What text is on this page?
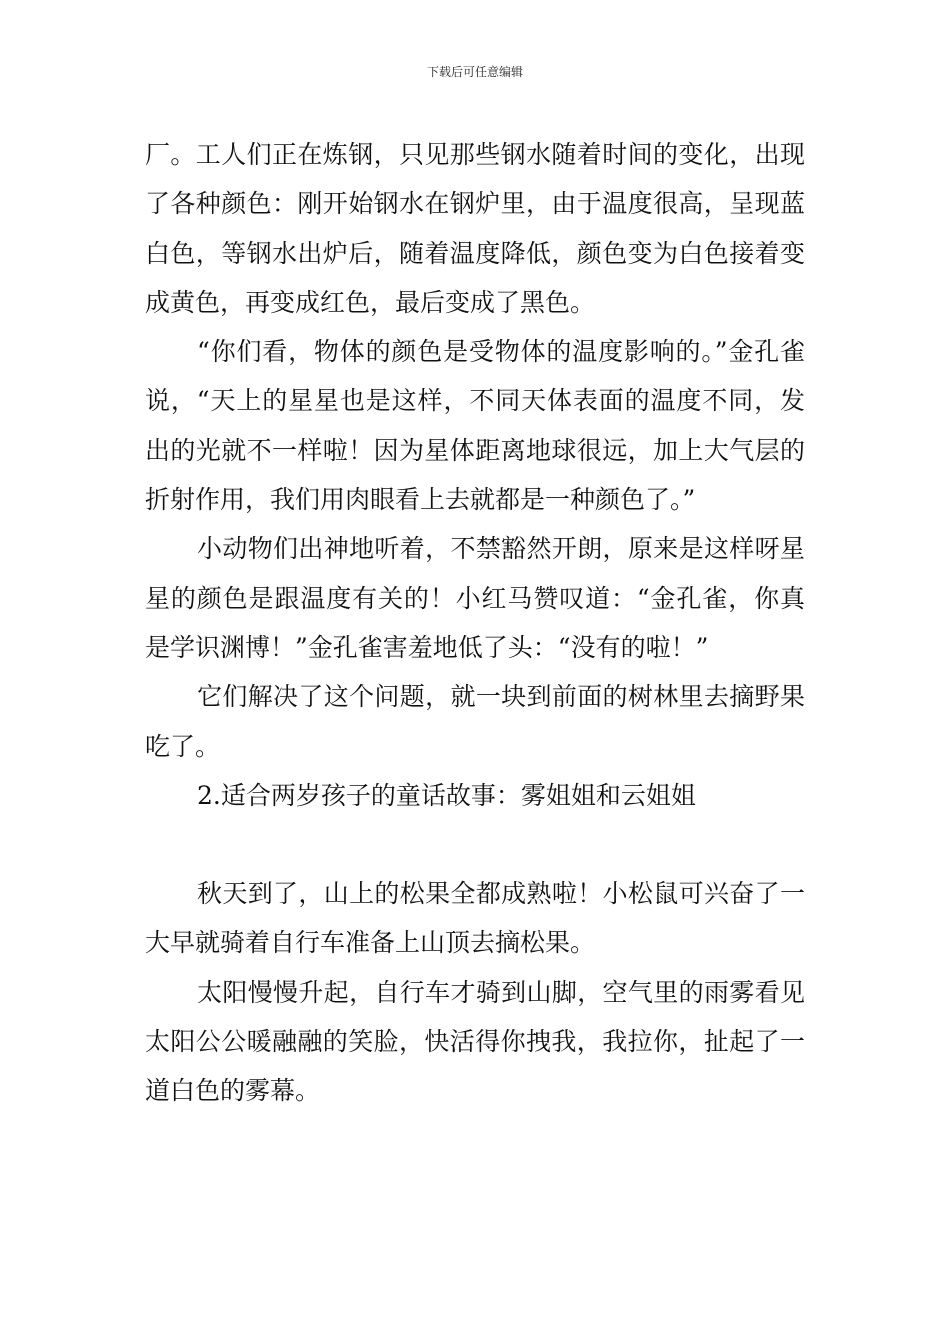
下载后可任意编辑

厂。工人们正在炼钢，只见那些钢水随着时间的变化，出现了各种颜色：刚开始钢水在钢炉里，由于温度很高，呈现蓝白色，等钢水出炉后，随着温度降低，颜色变为白色接着变成黄色，再变成红色，最后变成了黑色。

“你们看，物体的颜色是受物体的温度影响的。”金孔雀说，“天上的星星也是这样，不同天体表面的温度不同，发出的光就不一样啦！因为星体距离地球很远，加上大气层的折射作用，我们用肉眼看上去就都是一种颜色了。”

小动物们出神地听着，不禁豁然开朗，原来是这样呀星星的颜色是跟温度有关的！小红马赞叹道：“金孔雀，你真是学识渊博！”金孔雀害羞地低了头：“没有的啦！”

它们解决了这个问题，就一块到前面的树林里去摘野果吃了。

2.适合两岁孩子的童话故事：雾姐姐和云姐姐

秋天到了，山上的松果全都成熟啦！小松鼠可兴奋了一大早就骑着自行车准备上山顶去摘松果。

太阳慢慢升起，自行车才骑到山脚，空气里的雨雾看见太阳公公暖融融的笑脸，快活得你拽我，我拉你，扯起了一道白色的雾幕。
